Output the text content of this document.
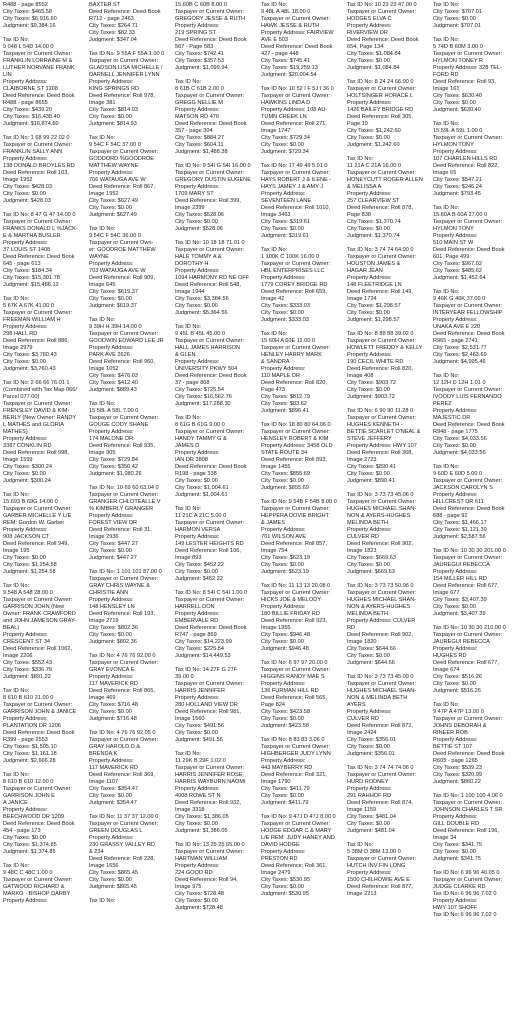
R488 - page 8552
City Taxes: $465.58
City Taxes: $6,916.60
Judgment: $9,384.16
Tax ID No:
9 048 L 54D 14.00 0
Taxpayer or Current Owner:
FRANKLIN LORRAINE M &
LUTHER NORVANE FRANK
LIN
Property Address:
CLAIBORNE ST 1208
Deed Reference: Deed Book
R488 - page 8655
City Taxes: $439.20
City Taxes: $16,438.40
Judgment: $16,874.60
Tax ID No: 1 68 99 22 02 0
Taxpayer or Current Owner:
FRANKLIN SALLY ANN
Property Address:
138 DONALD BROYLES RD
Deed Reference: Roll 103,
Image 1952
City Taxes: $428.03
City Taxes: $0.00
Judgment: $428.03
Tax ID No: 8 47 G 47 14.00 0
Taxpayer or Current Owner:
FRANKS DONALD L %JACK-
E & MARTHA BUSLER
Property Address:
37 LOUIS ST 1408
Deed Reference: Deed Book
645 - page 613
City Taxes: $184.34
City Taxes: $15,301.78
Judgment: $15,486.12
Tax ID No:
5 67K A 67K 41.00 0
Taxpayer or Current Owner:
FREEMAN WILLIAM H
Property Address:
298 HALL RD
Deed Reference: Roll 886,
Image 2979
City Taxes: $3,760.43
City Taxes: $0.00
Judgment: $3,760.43
Tax ID No: 2 66 66 76.01 1
(Combined with Tax Map 066/
Parcel 077.00)
Taxpayer or Current Owner:
FRENSLEY DAVID & KIM-
BERLY (New Owner: RANDY
L MATHES and GLORIA
MATHES)
Property Address:
3387 CONKLIN RD
Deed Reference: Roll 998,
Image 1599
City Taxes: $300.24
City Taxes: $0.00
Judgment: $300.24
Tax ID No:
15.693 B 69G 14.00 0
Taxpayer or Current Owner:
GARBER MICHELLE Y L/E
REM: Gordon W. Garber
Property Address:
908 JACKSON CT
Deed Reference: Roll 949,
Image 195
City Taxes: $0.00
City Taxes: $1,254.58
Judgment: $1,254.58
Tax ID No:
9.548 A 548 28.00 0
Taxpayer or Current Owner:
GARRISON JOHN (New
Owner: FRANK CRAWFORD
and JOHN JAMESON GRAY-
BEAL)
Property Address:
CRESCENT ST 34
Deed Reference: Roll 1062,
Image 2206
City Taxes: $552.43
City Taxes: $336.79
Judgment: $891.22
Tax ID No:
8 610 B 610 21.00 0
Taxpayer or Current Owner:
GARRISON JOHN & JANICE
Property Address:
PLANTATION DR 1206
Deed Reference: Deed Book
R399 - page 2553
City Taxes: $1,505.10
City Taxes: $1,161.18
Judgment: $2,666.28
Tax ID No:
8 610 B 610 12.00 0
Taxpayer or Current Owner:
GARRISON JOHN E
A JANICE
Property Address:
BEECHWOOD DR 1209
Deed Reference: Deed Book
454 - page 173
City Taxes: $0.00
City Taxes: $1,374.85
Judgment: $1,374.85
Tax ID No:
9 48C C 48C 1.00 0
Taxpayer or Current Owner:
GATWOOD RICHARD &
MARKO - BISHOP DARBY
Property Address:
BAXTER ST
Deed Reference: Deed Book
R712 - page 2463
City Taxes: $264.71
City Taxes: $82.33
Judgment: $347.04
Tax ID No: 9 55A F 55A 1.00 0
Taxpayer or Current Owner:
GLADSON LISA MICHELLE /
DARNELL JENNIFER LYNN
Property Address:
KING SPRINGS RD
Deed Reference: Roll 978,
Image 381
City Taxes: $814.93
City Taxes: $0.00
Judgment: $814.93
Tax ID No:
9 54C F 54C 37.00 0
Taxpayer or Current Owner:
GODDORD %GOODROE
MATTHEW WAYNE
Property Address:
706 WATAUGA AVE W
Deed Reference: Roll 867,
Image 1952
City Taxes: $627.49
City Taxes: $0.00
Judgment: $627.49
Tax ID No:
9 54C F 54C 36.00 0
Taxpayer or Current Own-
er: GOODROE MATTHEW
WAYNE
Property Address:
703 WATAUGA AVE W
Deed Reference: Roll 909,
Image 645
City Taxes: $619.37
City Taxes: $0.00
Judgment: $619.37
Tax ID No:
9 39H H 39H 14.00 0
Taxpayer or Current Owner:
GOODWIN EDWARD LEE JR
Property Address:
PARK AVE 2626
Deed Reference: Roll 960,
Image 1052
City Taxes: $476.03
City Taxes: $412.40
Judgment: $889.43
Tax ID No:
15 58L A 58L 7.00 0
Taxpayer or Current Owner:
GOUGE CODY SHANE
Property Address:
174 MALONE DR
Deed Reference: Roll 935,
Image 905
City Taxes: $729.84
City Taxes: $350.42
Judgment: $1,080.26
Tax ID No: 10 69 60 63.04 0
Taxpayer or Current Owner:
GRANGER CHLOTEALLE V
% KIMBERLY GRANGER
Property Address:
FOREST VIEW DR
Deed Reference: Roll 31,
Image 2936
City Taxes: $447.27
City Taxes: $0.00
Judgment: $447.27
Tax ID No: 1 101 101 87.00 0
Taxpayer or Current Owner:
GRAY CHRIS WAYNE &
CHRISTIE ANN
Property Address:
148 HENSLEY LN
Deed Reference: Roll 193,
Image 2719
City Taxes: $802.36
City Taxes: $0.00
Judgment: $802.36
Tax ID No: 4 76 76 92.00 0
Taxpayer or Current Owner:
GRAY EVONCA E
Property Address:
117 MAVERICK RD
Deed Reference: Roll 865,
Image 469
City Taxes: $716.48
City Taxes: $0.00
Judgment: $716.48
Tax ID No: 4 76 76 92.05 0
Taxpayer or Current Owner:
GRAY HAROLD D &
BRENDA K
Property Address:
117 MAVERICK RD
Deed Reference: Roll 369,
Image 1107
City Taxes: $354.47
City Taxes: $0.00
Judgment: $354.47
Tax ID No: 11 37 37 12.00 0
Taxpayer or Current Owner:
GREEN DOUGLAS L
Property Address:
230 GRASSY VALLEY RD
& 234
Deed Reference: Roll 228,
Image 1656
City Taxes: $865.45
City Taxes: $0.00
Judgment: $865.45
Tax ID No:
15.60B C 60B 8.00 0
Taxpayer or Current Owner:
GREGORY JESSE & RUTH
Property Address:
219 SPRING ST
Deed Reference: Deed Book
567 - Page 583
City Taxes: $742.41
City Taxes: $357.53
Judgment: $1,099.94
Tax ID No:
8 61B C 61B 2.00 0
Taxpayer or Current Owner:
GREGG NELLIE M
Property Address:
MATSON RD 476
Deed Reference: Deed Book
357 - page 304
City Taxes: $884.27
City Taxes: $604.11
Judgment: $1,488.38
Tax ID No: 9 54I G 54I 16.00 0
Taxpayer or Current Owner:
GREGORY DUSTIN EUGENE
Property Address:
1709 MARY ST
Deed Reference: Roll 399,
Image 2399
City Taxes: $528.06
City Taxes: $0.00
Judgment: $528.06
Tax ID No: 10 18 18 71.01 0
Taxpayer or Current Owner:
HALE TOMMY A &
DOROTHY H
Property Address:
1094 HARMONY RD NE OFF
Deed Reference: Roll 548,
Image 1944
City Taxes: $3,384.56
City Taxes: $0.00
Judgment: $5,364.56
Tax ID No:
9 45L B 45L 45.00 0
Taxpayer or Current Owner:
HALL JAMES HARRISON
& GLEN
Property Address:
UNIVERSITY PKWY 504
Deed Reference: Deed Book
37 - page 868
City Taxes: $725.54
City Taxes: $16,562.76
Judgment: $17,288.30
Tax ID No:
8 61G B 61G 9.00 0
Taxpayer or Current Owner:
HANDY TAMMY G &
JAMES D
Property Address:
IAN DR 3808
Deed Reference: Deed Book
R198 - page 338
City Taxes: $0.00
City Taxes: $1,004.61
Judgment: $1,004.61
Tax ID No:
11 21C A 21C 5.00 0
Taxpayer or Current Owner:
HARMON VERSA
Property Address:
149 LESTER HEIGHTS RD
Deed Reference: Roll 106,
Image 893
City Taxes: $452.22
City Taxes: $0.00
Judgment: $452.22
Tax ID No: 8 54I C 54I 1.00 0
Taxpayer or Current Owner:
HARRELL DON
Property Address:
EMBERVALE RD
Deed Reference: Deed Book
R747 - page 869
City Taxes: $14,223.99
City Taxes: $225.54
Judgment: $14,449.53
Tax ID No: 14 27F G 27F
39.00 0
Taxpayer or Current Owner:
HARRIS JENNIFER
Property Address:
280 HOLLAND VIEW DR
Deed Reference: Roll 981,
Image 1560
City Taxes: $491.56
City Taxes: $0.00
Judgment: $491.56
Tax ID No:
11 29K B 29F 1.02 0
Taxpayer or Current Owner:
HARRIS JENNIFER ROSE
HARRIS WAYBURN NAOMI
Property Address:
4008 ROWE ST N
Deed Reference: Roll 932,
Image 3318
City Taxes: $1,386.05
City Taxes: $0.00
Judgment: $1,386.05
Tax ID No: 13 25 25 65.00 0
Taxpayer or Current Owner:
HARTMAN WILLIAM
Property Address:
224 GOOD RD
Deed Reference: Roll 94,
Image 975
City Taxes: $728.48
City Taxes: $0.00
Judgment: $728.48
Tax ID No:
9 48L A 48L 18.00 0
Taxpayer or Current Owner:
HAWK JESSE & RUTH
Property Address: FAIRVIEW
AVE E 503
Deed Reference: Deed Book
427 - page 448
City Taxes: $745.41
City Taxes: $19,259.13
Judgment: $20,004.54
Tax ID No: 10 52 I F 5J I 36 0
Taxpayer or Current Owner:
HAWKINS LINDA D
Property Address: 108 AU-
TUMN CREEK LN
Deed Reference: Roll 271,
Image 1747
City Taxes: $729.34
City Taxes: $0.00
Judgment: $729.34
Tax ID No: 17 49 49 5.01 0
Taxpayer or Current Owner:
HAYS ROBERT J & ILENE -
HAYS JAMEY J & AMY J
Property Address:
SEVENTEEN LANE
Deed Reference: Roll 1010,
Image 3463
City Taxes: $319.61
City Taxes: $0.00
Judgment: $319.61
Tax ID No:
1 100K C 100K 16.00 0
Taxpayer or Current Owner:
HBL ENTERPRISES LLC
Property Address:
1779 COREY BRIDGE RD
Deed Reference: Roll 659,
Image 42
City Taxes: $333.03
City Taxes: $0.00
Judgment: $333.03
Tax ID No:
15 60H A 60E 11.00 0
Taxpayer or Current Owner:
HENLEY HARRY MARK
& SANDRA
Property Address:
110 MAPLE DR
Deed Reference: Roll 820,
Page 473
City Taxes: $812.79
City Taxes: $83.62
Judgment: $896.41
Tax ID No: 18 80 80 64.06 0
Taxpayer or Current Owner:
HENSLEY ROBERT & KIM
Property Address: 3458 OLD
STATE ROUTE 34
Deed Reference: Roll 893,
Image 1455
City Taxes: $855.69
City Taxes: $0.00
Judgment: $855.69
Tax ID No: 9 54B F 54B 8.00 0
Taxpayer or Current Owner:
HEPPERA DOVIE BRIGHT
& JAMES
Property Address:
701 WILSON AVE
Deed Reference: Roll 857,
Image 754
City Taxes: $623.19
City Taxes: $0.00
Judgment: $623.19
Tax ID No: 11 13 13 20.08 0
Taxpayer or Current Owner:
HICKS JOE & MELODY
Property Address:
180 BILLIE FRIDAY RD
Deed Reference: Roll 923,
Image 1955
City Taxes: $946.48
City Taxes: $0.00
Judgment: $946.48
Tax ID No: 6 97 97 20.00 0
Taxpayer or Current Owner:
HIGGINS RANDY MAE S
Property Address:
136 FURMAN HILL RD
Deed Reference: Roll 565,
Page 824
City Taxes: $423.58
City Taxes: $0.00
Judgment: $423.58
Tax ID No: 8 83 83 3.06 0
Taxpayer or Current Owner:
HIGHBERGER JUDY LYNN
Property Address:
443 MAYBERRY RD
Deed Reference: Roll 321,
Image 1790
City Taxes: $411.79
City Taxes: $0.00
Judgment: $411.79
Tax ID No: 9 47J D 47J 8.00 0
Taxpayer or Current Owner:
HODGE EDGAR C & MARY
L/E REM: JUDY HANEY AND
DAVID HODGE
Property Address:
PRESTON RD
Deed Reference: Roll 361,
Image 2479
City Taxes: $530.95
City Taxes: $0.00
Judgment: $530.95
Tax ID No: 10 23 23 47.00 0
Taxpayer or Current Owner:
HODGES ELVA C
Property Address:
RIVERVIEW DR
Deed Reference: Deed Book
654, Page 134
City Taxes: $1,084.84
City Taxes: $0.00
Judgment: $1,084.84
Tax ID No: 8 24 24 66.00 0
Taxpayer or Current Owner:
HOLTSINGER HORACE L
Property Address:
1426 BAILEY BRIDGE RD
Deed Reference: Roll 305,
Page 19
City Taxes: $1,242.60
City Taxes: $0.00
Judgment: $1,242.60
Tax ID No:
11 21A C 21A 16.00 0
Taxpayer or Current Owner:
HONEYCUTT ROGER ALLEN
& MELISSA A
Property Address:
257 CLEARVIEW ST
Deed Reference: Roll 878,
Page 838
City Taxes: $1,370.74
City Taxes: $0.00
Judgment: $1,370.74
Tax ID No: 3 74 74 64.00 0
Taxpayer or Current Owner:
HOUSTON JAMES &
HAGAR JEAN
Property Address:
148 FLEETRIDGE LN
Deed Reference: Roll 149,
Image 1724
City Taxes: $1,298.57
City Taxes: $0.00
Judgment: $1,298.57
Tax ID No: 8 88 88 39.02 0
Taxpayer or Current Owner:
HOWLETT FREDDY & KELLY
Property Address:
190 CECIL WHITE RD
Deed Reference: Roll 820,
Image 408
City Taxes: $903.72
City Taxes: $0.00
Judgment: $903.72
Tax ID No: 6 90 90 11.28 0
Taxpayer or Current Owner:
HUGHES KENNETH -
BETTIE SCARLET O'NEAL &
STEVE JEFFERY
Property Address: HWY 107
Deed Reference: Roll 368,
Image 2723
City Taxes: $890.41
City Taxes: $0.00
Judgment: $890.41
Tax ID No: 3 73 73 45.06 0
Taxpayer or Current Owner:
HUGHES MICHAEL SHAN-
NON & AYERS-HUGHES
MELINDA BETH
Property Address:
CULVER RD
Deed Reference: Roll 902,
Image 1823
City Taxes: $669.63
City Taxes: $0.00
Judgment: $669.63
Tax ID No: 3 73 73 50.06 0
Taxpayer or Current Owner:
HUGHES MICHAEL SHAN-
NON & AYERS-HUGHES
MELINDA BETH
Property Address: CULVER
RD
Deed Reference: Roll 902,
Image 1820
City Taxes: $644.66
City Taxes: $0.00
Judgment: $644.66
Tax ID No: 3 73 73 45.09 0
Taxpayer or Current Owner:
HUGHES MICHAEL SHAN-
NON & MELINDA BETH
AYERS
Property Address:
CULVER RD
Deed Reference: Roll 872,
Image 2424
City Taxes: $356.01
City Taxes: $0.00
Judgment: $356.01
Tax ID No: 3 74 74 74.06 0
Taxpayer or Current Owner:
HURD RODNEY
Property Address:
291 RAHHOF RD
Deed Reference: Roll 874,
Image 1159
City Taxes: $481.04
City Taxes: $0.00
Judgment: $481.04
Tax ID No:
5 38M D 38M 13.00 0
Taxpayer or Current Owner:
HUTCH INV FIN LONG
Property Address:
1500 CHILHOWIE AVE E
Deed Reference: Roll 877,
Image 2213
Tax ID No:
City Taxes: $707.01
City Taxes: $0.00
Judgment: $707.01
Tax ID No:
5 74D B 60M 3.00 0
Taxpayer or Current Owner:
HYLMON TONEY R
Property Address: 328 TEL-
FORD RD
Deed Reference: Roll 93,
Image 161
City Taxes: $630.40
City Taxes: $0.00
Judgment: $630.40
Tax ID No:
15.59L A 59L 1.00 0
Taxpayer or Current Owner:
HYLMON TONY
Property Address:
107 CHARLEN HILLS RD
Deed Reference: Roll 822,
Image 65
City Taxes: $547.21
City Taxes: $246.24
Judgment: $793.45
Tax ID No:
15.60A B 60A 27.00 0
Taxpayer or Current Owner:
HYLMON TONY
Property Address:
510 MAIN ST W
Deed Reference: Deed Book
601, Page 499
City Taxes: $967.02
City Taxes: $485.62
Judgment: $1,452.64
Tax ID No:
9 46K G 46K 37.00 0
Taxpayer or Current Owner:
INTERYEAR FELLOWSHIP
Property Address:
UNAKA AVE E 220
Deed Reference: Deed Book
R965 - page 2741
City Taxes: $2,531.77
City Taxes: $2,463.69
Judgment: $4,995.46
Tax ID No:
12 12H D 12H 1.01 0
Taxpayer or Current Owner:
IVOODY LUIS FERNANDO
PEREZ
Property Address:
MAJESTIC DR
Deed Reference: Deed Book
R948 - page 1775
City Taxes: $4,033.56
City Taxes: $0.00
Judgment: $4,033.56
Tax ID No:
9 60D E 60D 5.00 0
Taxpayer or Current Owner:
JACKSON CAROLYN S
Property Address:
HILLCREST DR 611
Deed Reference: Deed Book
688 - page 92
City Taxes: $1,466.17
City Taxes: $1,121.39
Judgment: $2,587.56
Tax ID No: 10 30 30 201.00 0
Taxpayer or Current Owner:
JAUREGUI REBECCA
Property Address:
154 MILLER HILL RD
Deed Reference: Roll 677,
Image 677
City Taxes: $3,407.39
City Taxes: $0.00
Judgment: $3,407.39
Tax ID No: 10 30 30 210.00 0
Taxpayer or Current Owner:
JAUREGUI REBECCA
Property Address:
HUGHES RD
Deed Reference: Roll 677,
Image 674
City Taxes: $516.26
City Taxes: $0.00
Judgment: $516.26
Tax ID No:
9 47P A 47P 13.00 0
Taxpayer or Current Owner:
JOHNS DEBORAH &
RINEER ROB
Property Address:
BETTIE ST 107
Deed Reference: Deed Book
R605 - page 1265
City Taxes: $539.23
City Taxes: $320.99
Judgment: $860.22
Tax ID No: 1 100 100 4.06 0
Taxpayer or Current Owner:
JOHNSON CHARLES T SR
Property Address:
GILL DOUBLE RD
Deed Reference: Roll 196,
Image 34
City Taxes: $341.75
City Taxes: $0.00
Judgment: $341.75
Tax ID No: 6 96 96 40.05 0
Taxpayer or Current Owner:
JUDGE CLARKE RD
Tax ID No: 6 96 96 7.02 0
Property Address:
HWY 107 SHOFF
Tax ID No: 6 96 96 7.02 0
